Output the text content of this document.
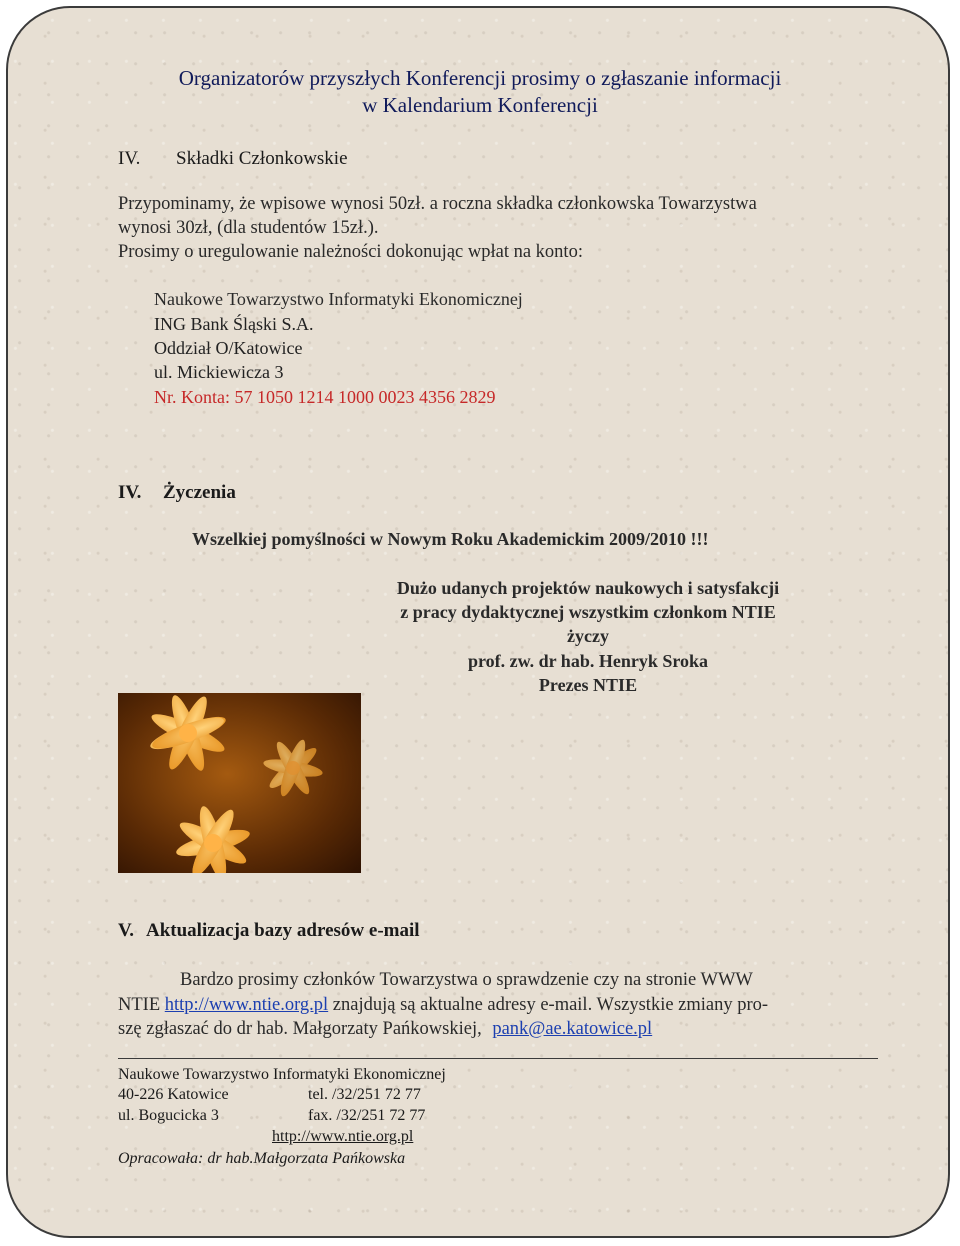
Organizatorów przyszłych Konferencji prosimy o zgłaszanie informacji
w Kalendarium Konferencji
IV. Składki Członkowskie
Przypominamy, że wpisowe wynosi 50zł. a roczna składka członkowska Towarzystwa
wynosi 30zł, (dla studentów 15zł.).
Prosimy o uregulowanie należności dokonując wpłat na konto:
Naukowe Towarzystwo Informatyki Ekonomicznej
ING Bank Śląski S.A.
Oddział O/Katowice
ul. Mickiewicza 3
Nr. Konta: 57 1050 1214 1000 0023 4356 2829
IV. Życzenia
Wszelkiej pomyślności w Nowym Roku Akademickim 2009/2010 !!!
Dużo udanych projektów naukowych i satysfakcji
z pracy dydaktycznej wszystkim członkom NTIE
życzy
prof. zw. dr hab. Henryk Sroka
Prezes NTIE
V. Aktualizacja bazy adresów e-mail
Bardzo prosimy członków Towarzystwa o sprawdzenie czy na stronie WWW
NTIE http://www.ntie.org.pl znajdują są aktualne adresy e-mail. Wszystkie zmiany pro-
szę zgłaszać do dr hab. Małgorzaty Pańkowskiej, pank@ae.katowice.pl
Naukowe Towarzystwo Informatyki Ekonomicznej
40-226 Katowice	tel. /32/251 72 77
ul. Bogucicka 3	fax. /32/251 72 77
http://www.ntie.org.pl
Opracowała: dr hab.Małgorzata Pańkowska
